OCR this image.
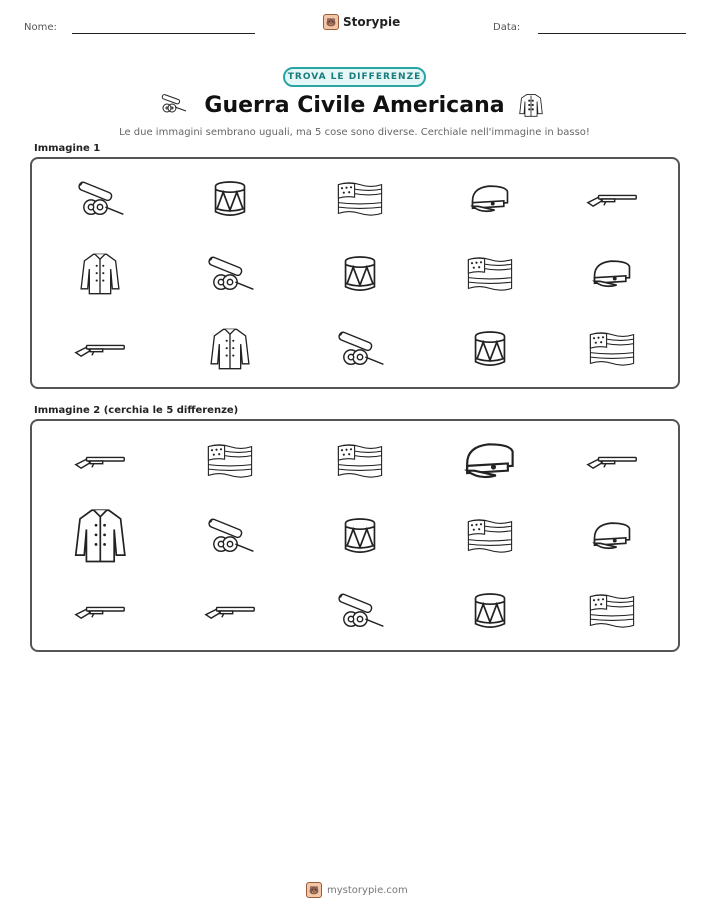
Nome:	🐻 Storypie	Data:
TROVA LE DIFFERENZE
Guerra Civile Americana
Le due immagini sembrano uguali, ma 5 cose sono diverse. Cerchiale nell'immagine in basso!
Immagine 1
Immagine 2 (cerchia le 5 differenze)
🐻 mystorypie.com
